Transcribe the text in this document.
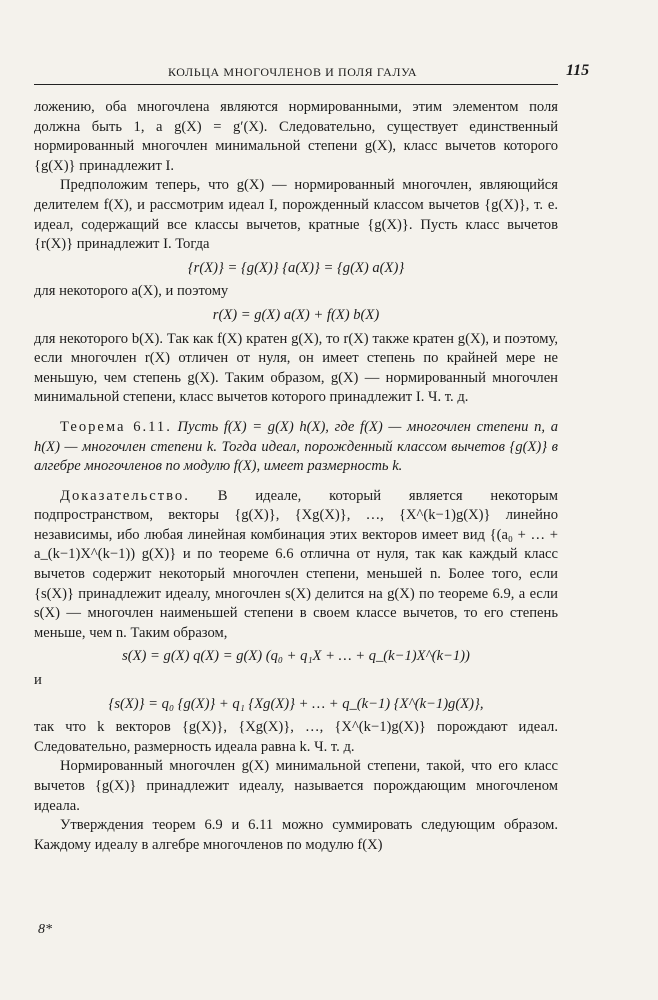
КОЛЬЦА МНОГОЧЛЕНОВ И ПОЛЯ ГАЛУА	115

ложению, оба многочлена являются нормированными, этим элементом поля должна быть 1, а g(X) = g′(X). Следовательно, существует единственный нормированный многочлен минимальной степени g(X), класс вычетов которого {g(X)} принадлежит I.

Предположим теперь, что g(X) — нормированный многочлен, являющийся делителем f(X), и рассмотрим идеал I, порожденный классом вычетов {g(X)}, т. е. идеал, содержащий все классы вычетов, кратные {g(X)}. Пусть класс вычетов {r(X)} принадлежит I. Тогда

{r(X)} = {g(X)} {a(X)} = {g(X) a(X)}

для некоторого a(X), и поэтому

r(X) = g(X) a(X) + f(X) b(X)

для некоторого b(X). Так как f(X) кратен g(X), то r(X) также кратен g(X), и поэтому, если многочлен r(X) отличен от нуля, он имеет степень по крайней мере не меньшую, чем степень g(X). Таким образом, g(X) — нормированный многочлен минимальной степени, класс вычетов которого принадлежит I. Ч. т. д.

Теорема 6.11. Пусть f(X) = g(X) h(X), где f(X) — многочлен степени n, а h(X) — многочлен степени k. Тогда идеал, порожденный классом вычетов {g(X)} в алгебре многочленов по модулю f(X), имеет размерность k.

Доказательство. В идеале, который является некоторым подпространством, векторы {g(X)}, {Xg(X)}, …, {X^(k−1)g(X)} линейно независимы, ибо любая линейная комбинация этих векторов имеет вид {(a₀ + … + a_(k−1)X^(k−1)) g(X)} и по теореме 6.6 отлична от нуля, так как каждый класс вычетов содержит некоторый многочлен степени, меньшей n. Более того, если {s(X)} принадлежит идеалу, многочлен s(X) делится на g(X) по теореме 6.9, а если s(X) — многочлен наименьшей степени в своем классе вычетов, то его степень меньше, чем n. Таким образом,

s(X) = g(X) q(X) = g(X) (q₀ + q₁X + … + q_(k−1)X^(k−1))

и

{s(X)} = q₀ {g(X)} + q₁ {Xg(X)} + … + q_(k−1) {X^(k−1)g(X)},

так что k векторов {g(X)}, {Xg(X)}, …, {X^(k−1)g(X)} порождают идеал. Следовательно, размерность идеала равна k. Ч. т. д.

Нормированный многочлен g(X) минимальной степени, такой, что его класс вычетов {g(X)} принадлежит идеалу, называется порождающим многочленом идеала.

Утверждения теорем 6.9 и 6.11 можно суммировать следующим образом. Каждому идеалу в алгебре многочленов по модулю f(X)

8*
